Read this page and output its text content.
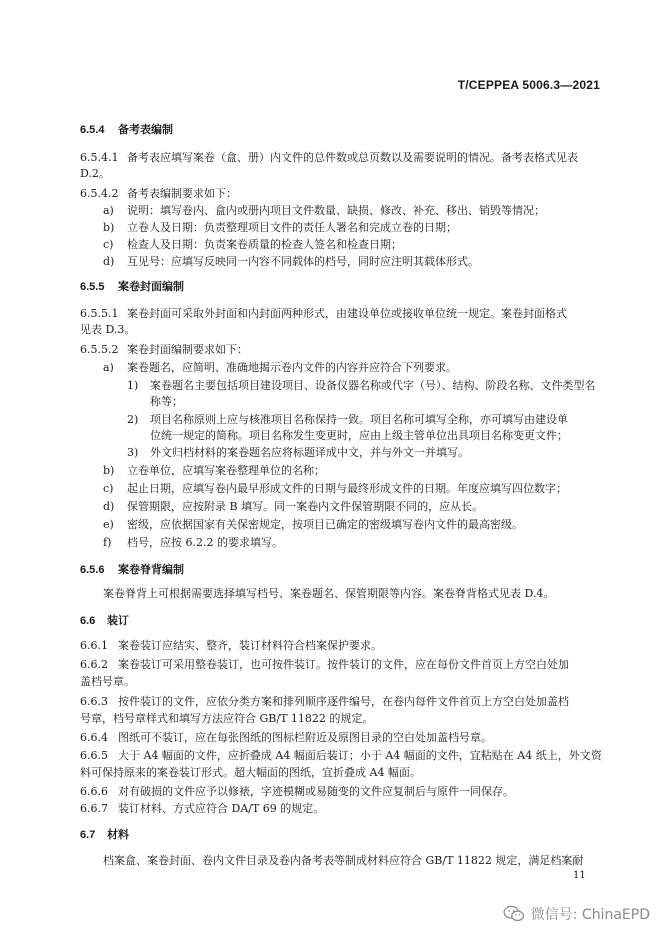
T/CEPPEA 5006.3—2021
6.5.4 备考表编制
6.5.4.1 备考表应填写案卷（盒、册）内文件的总件数或总页数以及需要说明的情况。备考表格式见表
D.2。
6.5.4.2 备考表编制要求如下：
a) 说明：填写卷内、盒内或册内项目文件数量、缺损、修改、补充、移出、销毁等情况；
b) 立卷人及日期：负责整理项目文件的责任人署名和完成立卷的日期；
c) 检查人及日期：负责案卷质量的检查人签名和检查日期；
d) 互见号：应填写反映同一内容不同载体的档号，同时应注明其载体形式。
6.5.5 案卷封面编制
6.5.5.1 案卷封面可采取外封面和内封面两种形式，由建设单位或接收单位统一规定。案卷封面格式
见表 D.3。
6.5.5.2 案卷封面编制要求如下：
a) 案卷题名，应简明、准确地揭示卷内文件的内容并应符合下列要求。
1) 案卷题名主要包括项目建设项目、设备仪器名称或代字（号）、结构、阶段名称、文件类型名
称等；
2) 项目名称原则上应与核准项目名称保持一致。项目名称可填写全称，亦可填写由建设单
位统一规定的简称。项目名称发生变更时，应由上级主管单位出具项目名称变更文件；
3) 外文归档材料的案卷题名应将标题译成中文，并与外文一并填写。
b) 立卷单位，应填写案卷整理单位的名称；
c) 起止日期，应填写卷内最早形成文件的日期与最终形成文件的日期。年度应填写四位数字；
d) 保管期限，应按附录 B 填写。同一案卷内文件保管期限不同的，应从长。
e) 密级，应依据国家有关保密规定，按项目已确定的密级填写卷内文件的最高密级。
f) 档号，应按 6.2.2 的要求填写。
6.5.6 案卷脊背编制
案卷脊背上可根据需要选择填写档号、案卷题名、保管期限等内容。案卷脊背格式见表 D.4。
6.6 装订
6.6.1 案卷装订应结实、整齐，装订材料符合档案保护要求。
6.6.2 案卷装订可采用整卷装订，也可按件装订。按件装订的文件，应在每份文件首页上方空白处加
盖档号章。
6.6.3 按件装订的文件，应依分类方案和排列顺序逐件编号，在卷内每件文件首页上方空白处加盖档
号章，档号章样式和填写方法应符合 GB/T 11822 的规定。
6.6.4 图纸可不装订，应在每张图纸的图标栏附近及原图目录的空白处加盖档号章。
6.6.5 大于 A4 幅面的文件，应折叠成 A4 幅面后装订；小于 A4 幅面的文件，宜粘贴在 A4 纸上，外文资
料可保持原来的案卷装订形式。超大幅面的图纸，宜折叠成 A4 幅面。
6.6.6 对有破损的文件应予以修裱，字迹模糊或易随变的文件应复制后与原件一同保存。
6.6.7 装订材料、方式应符合 DA/T 69 的规定。
6.7 材料
档案盒、案卷封面、卷内文件目录及卷内备考表等制成材料应符合 GB/T 11822 规定，满足档案耐
11
微信号: ChinaEPD
